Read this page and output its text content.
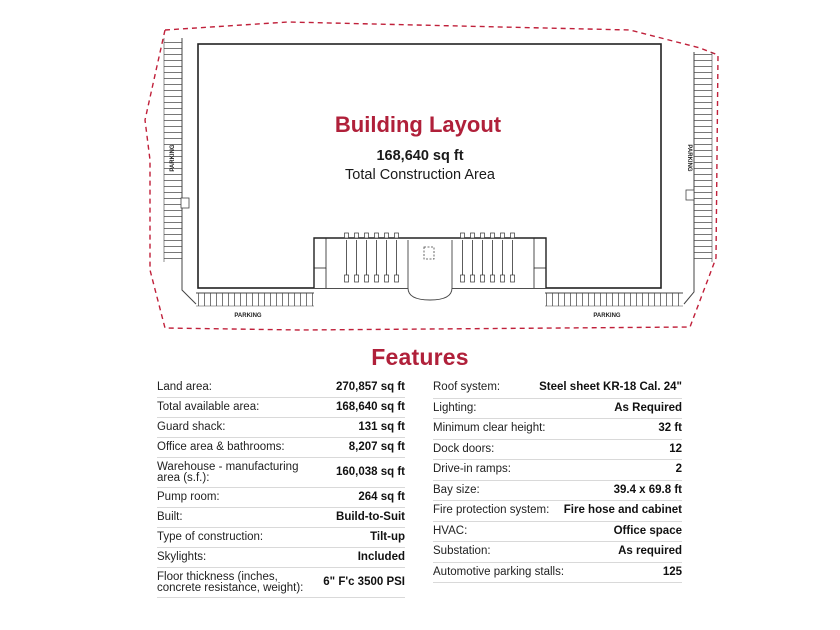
PARKING	PARKING
PARKING	PARKING
Building Layout
168,640 sq ft
Total Construction Area
Features
Land area:	270,857 sq ft
Total available area:	168,640 sq ft
Guard shack:	131 sq ft
Office area & bathrooms:	8,207 sq ft
Warehouse - manufacturing area (s.f.):	160,038 sq ft
Pump room:	264 sq ft
Built:	Build-to-Suit
Type of construction:	Tilt-up
Skylights:	Included
Floor thickness (inches, concrete resistance, weight):	6" F'c 3500 PSI
Roof system:	Steel sheet KR-18 Cal. 24"
Lighting:	As Required
Minimum clear height:	32 ft
Dock doors:	12
Drive-in ramps:	2
Bay size:	39.4 x 69.8 ft
Fire protection system: Fire hose and cabinet
HVAC:	Office space
Substation:	As required
Automotive parking stalls:	125
